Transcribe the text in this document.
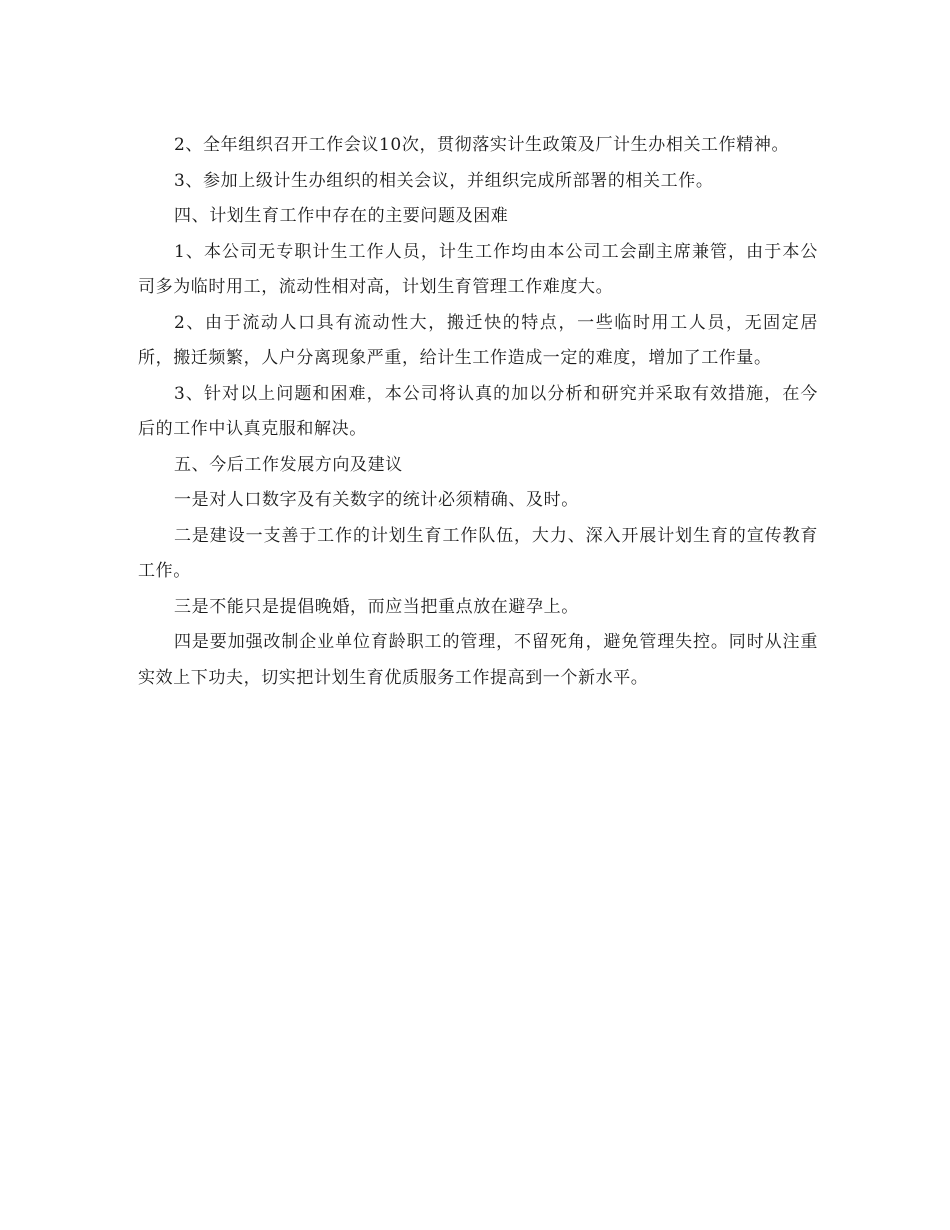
2、全年组织召开工作会议10次，贯彻落实计生政策及厂计生办相关工作精神。

3、参加上级计生办组织的相关会议，并组织完成所部署的相关工作。

四、计划生育工作中存在的主要问题及困难

1、本公司无专职计生工作人员，计生工作均由本公司工会副主席兼管，由于本公司多为临时用工，流动性相对高，计划生育管理工作难度大。

2、由于流动人口具有流动性大，搬迁快的特点，一些临时用工人员，无固定居所，搬迁频繁，人户分离现象严重，给计生工作造成一定的难度，增加了工作量。

3、针对以上问题和困难，本公司将认真的加以分析和研究并采取有效措施，在今后的工作中认真克服和解决。

五、今后工作发展方向及建议

一是对人口数字及有关数字的统计必须精确、及时。

二是建设一支善于工作的计划生育工作队伍，大力、深入开展计划生育的宣传教育工作。

三是不能只是提倡晚婚，而应当把重点放在避孕上。

四是要加强改制企业单位育龄职工的管理，不留死角，避免管理失控。同时从注重实效上下功夫，切实把计划生育优质服务工作提高到一个新水平。
